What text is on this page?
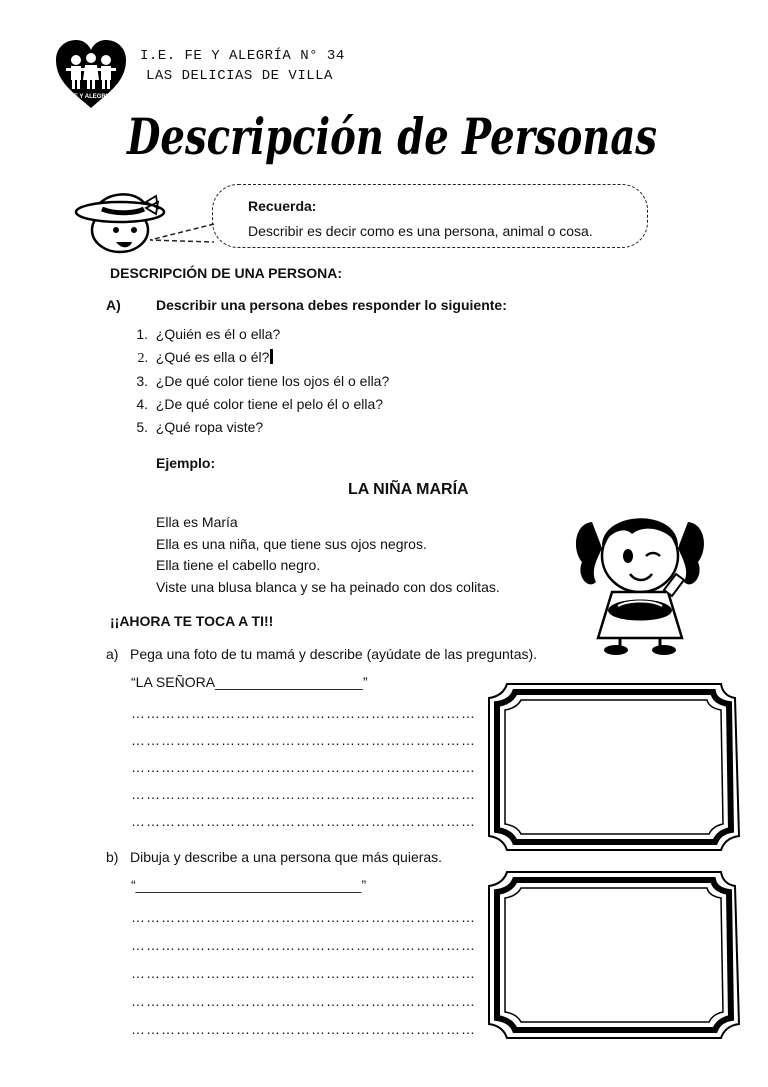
FE Y ALEGRIA
I.E. FE Y ALEGRÍA N° 34
LAS DELICIAS DE VILLA
Descripción de Personas
Recuerda:
Describir es decir como es una persona, animal o cosa.
DESCRIPCIÓN DE UNA PERSONA:
A)	Describir una persona debes responder lo siguiente:
1. ¿Quién es él o ella?
2. ¿Qué es ella o él?
3. ¿De qué color tiene los ojos él o ella?
4. ¿De qué color tiene el pelo él o ella?
5. ¿Qué ropa viste?
Ejemplo:
LA NIÑA MARÍA
Ella es María
Ella es una niña, que tiene sus ojos negros.
Ella tiene el cabello negro.
Viste una blusa blanca y se ha peinado con dos colitas.
¡¡AHORA TE TOCA A TI!!
a) Pega una foto de tu mamá y describe (ayúdate de las preguntas).
“LA SEÑORA___________________”
……………………………………………………………
……………………………………………………………
……………………………………………………………
……………………………………………………………
……………………………………………………………
b) Dibuja y describe a una persona que más quieras.
“_____________________________”
……………………………………………………………
……………………………………………………………
……………………………………………………………
……………………………………………………………
……………………………………………………………
